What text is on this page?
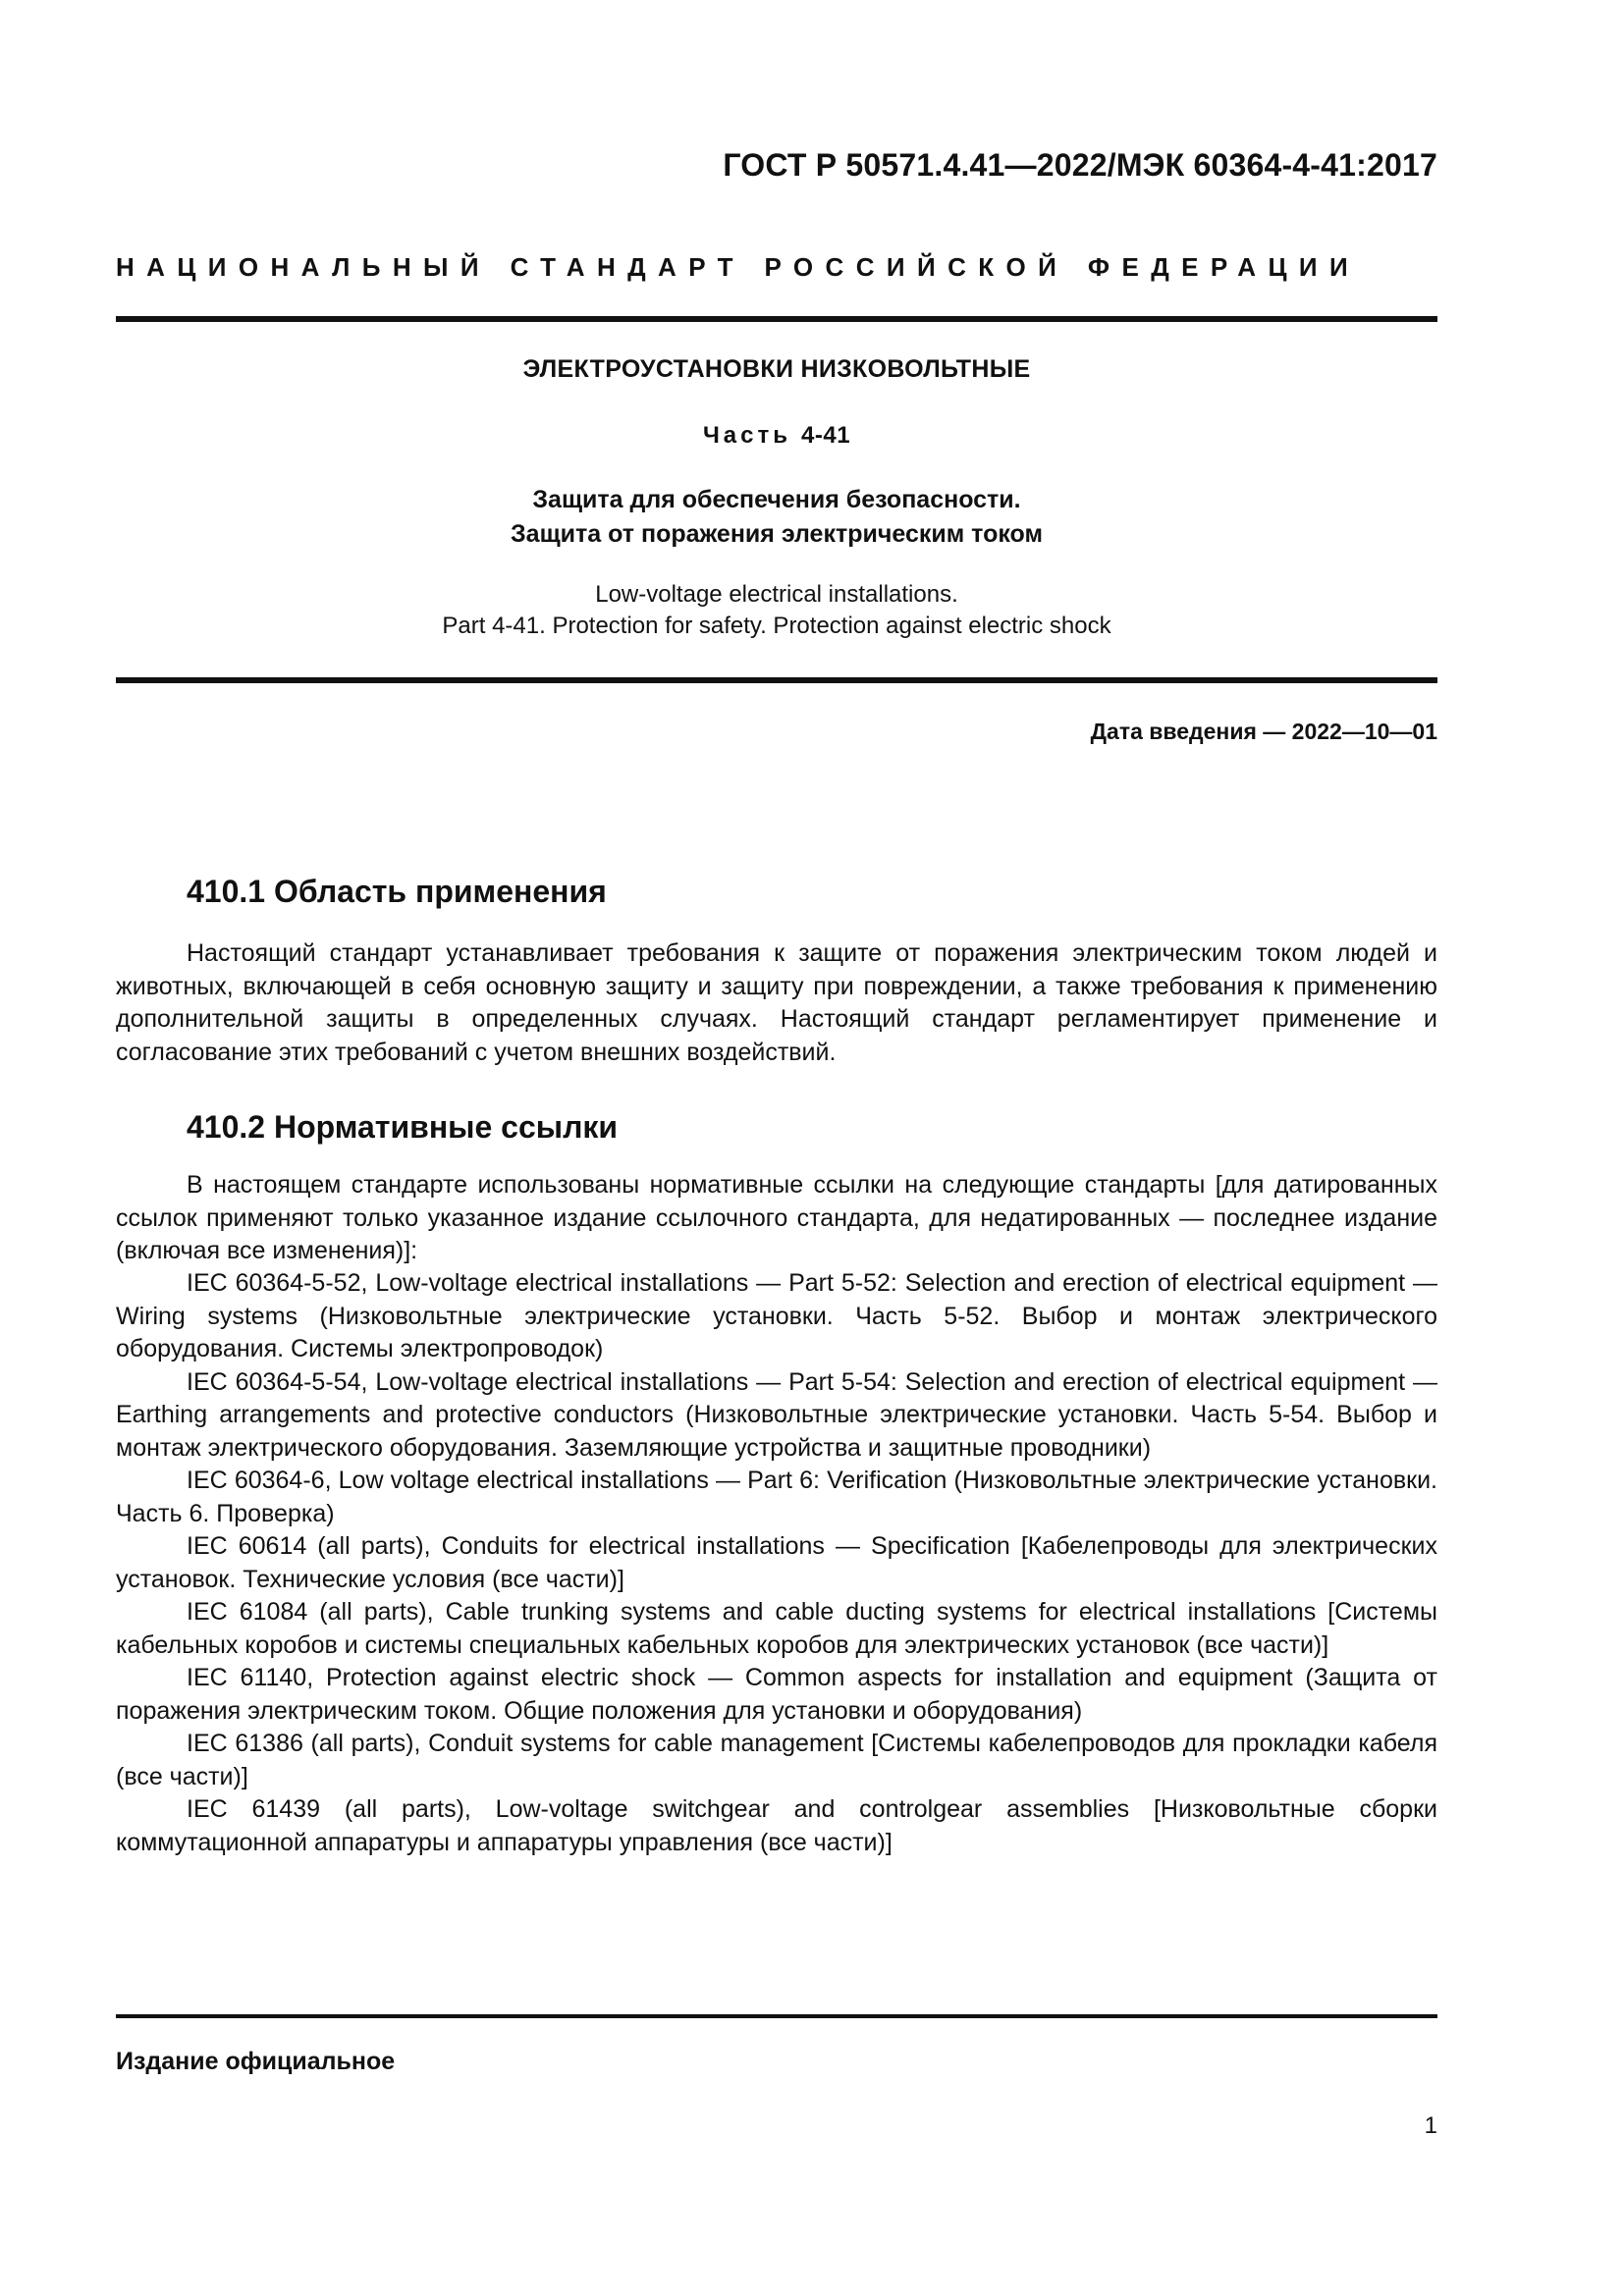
ГОСТ Р 50571.4.41—2022/МЭК 60364-4-41:2017
НАЦИОНАЛЬНЫЙ СТАНДАРТ РОССИЙСКОЙ ФЕДЕРАЦИИ
ЭЛЕКТРОУСТАНОВКИ НИЗКОВОЛЬТНЫЕ
Часть 4-41
Защита для обеспечения безопасности.
Защита от поражения электрическим током
Low-voltage electrical installations.
Part 4-41. Protection for safety. Protection against electric shock
Дата введения — 2022—10—01
410.1 Область применения

Настоящий стандарт устанавливает требования к защите от поражения электрическим током людей и животных, включающей в себя основную защиту и защиту при повреждении, а также требования к применению дополнительной защиты в определенных случаях. Настоящий стандарт регламентирует применение и согласование этих требований с учетом внешних воздействий.

410.2 Нормативные ссылки

В настоящем стандарте использованы нормативные ссылки на следующие стандарты [для датированных ссылок применяют только указанное издание ссылочного стандарта, для недатированных — последнее издание (включая все изменения)]:

IEC 60364-5-52, Low-voltage electrical installations — Part 5-52: Selection and erection of electrical equipment — Wiring systems (Низковольтные электрические установки. Часть 5-52. Выбор и монтаж электрического оборудования. Системы электропроводок)
IEC 60364-5-54, Low-voltage electrical installations — Part 5-54: Selection and erection of electrical equipment — Earthing arrangements and protective conductors (Низковольтные электрические установки. Часть 5-54. Выбор и монтаж электрического оборудования. Заземляющие устройства и защитные проводники)
IEC 60364-6, Low voltage electrical installations — Part 6: Verification (Низковольтные электрические установки. Часть 6. Проверка)
IEC 60614 (all parts), Conduits for electrical installations — Specification [Кабелепроводы для электрических установок. Технические условия (все части)]
IEC 61084 (all parts), Cable trunking systems and cable ducting systems for electrical installations [Системы кабельных коробов и системы специальных кабельных коробов для электрических установок (все части)]
IEC 61140, Protection against electric shock — Common aspects for installation and equipment (Защита от поражения электрическим током. Общие положения для установки и оборудования)
IEC 61386 (all parts), Conduit systems for cable management [Системы кабелепроводов для прокладки кабеля (все части)]
IEC 61439 (all parts), Low-voltage switchgear and controlgear assemblies [Низковольтные сборки коммутационной аппаратуры и аппаратуры управления (все части)]
Издание официальное
1
